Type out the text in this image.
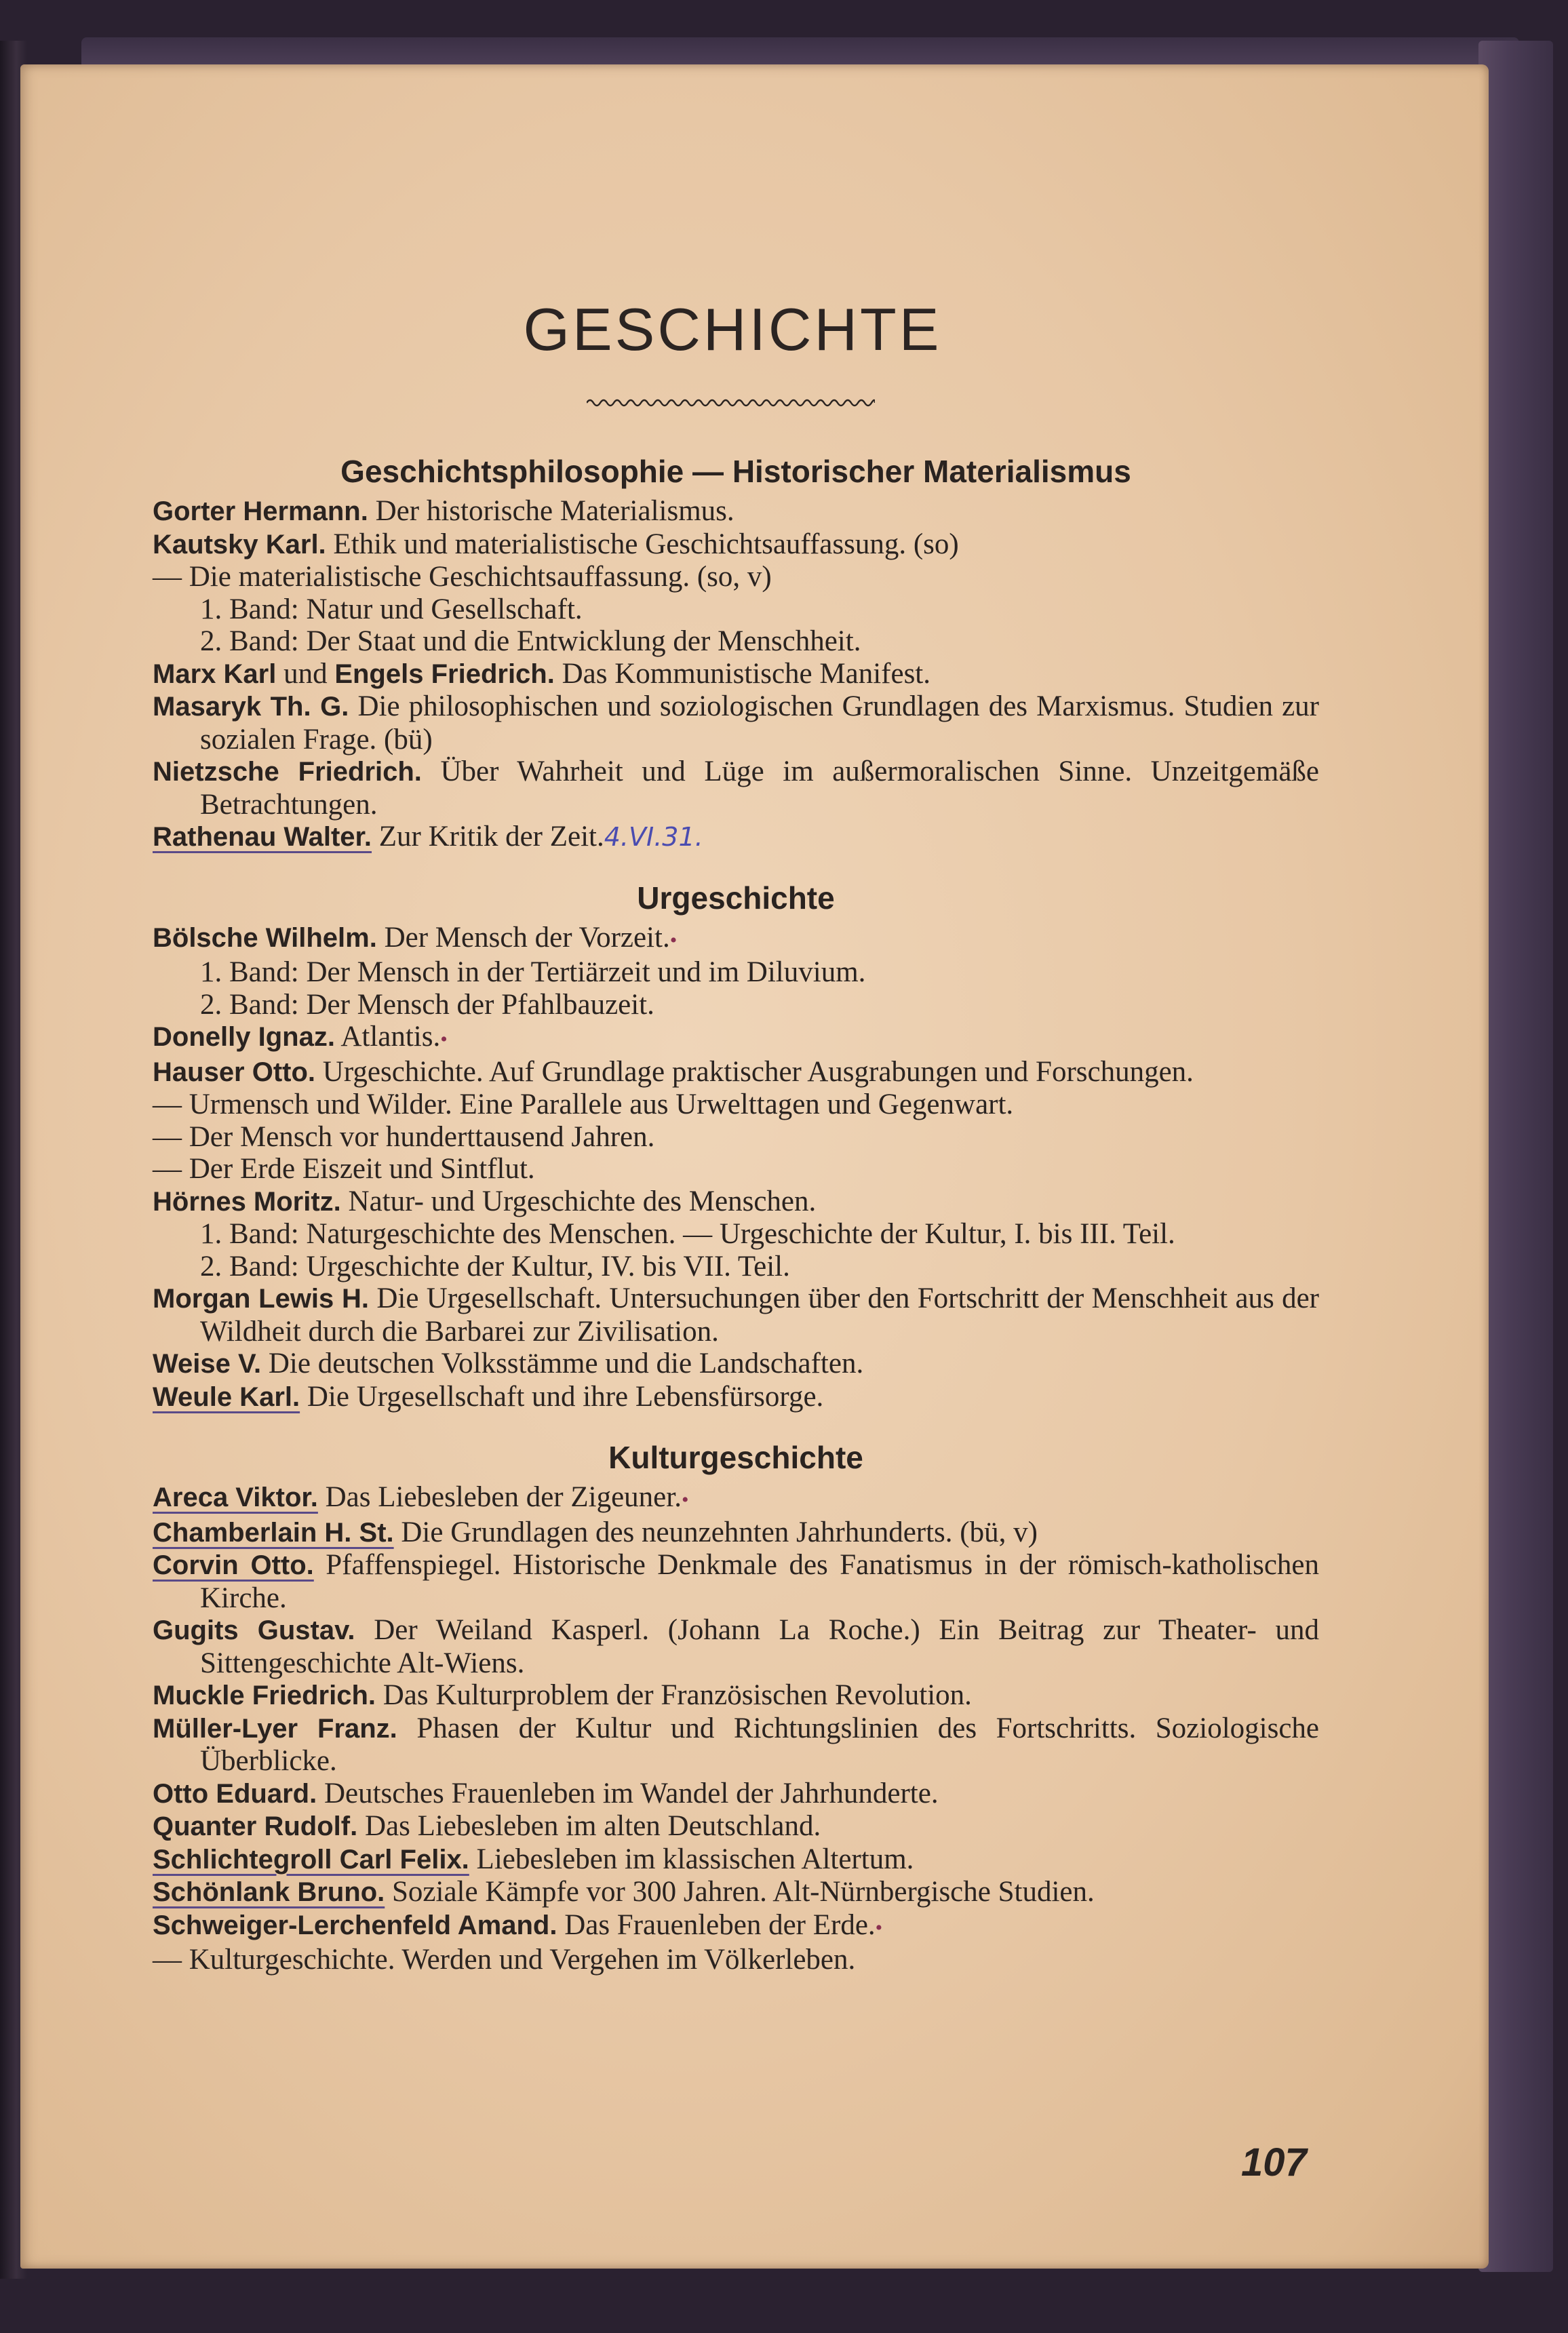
GESCHICHTE
Geschichtsphilosophie — Historischer Materialismus
Gorter Hermann. Der historische Materialismus.
Kautsky Karl. Ethik und materialistische Geschichtsauffassung. (so)
— Die materialistische Geschichtsauffassung. (so, v)
1. Band: Natur und Gesellschaft.
2. Band: Der Staat und die Entwicklung der Menschheit.
Marx Karl und Engels Friedrich. Das Kommunistische Manifest.
Masaryk Th. G. Die philosophischen und soziologischen Grundlagen des Marxismus. Studien zur sozialen Frage. (bü)
Nietzsche Friedrich. Über Wahrheit und Lüge im außermoralischen Sinne. Unzeitgemäße Betrachtungen.
Rathenau Walter. Zur Kritik der Zeit.4.VI.31.
Urgeschichte
Bölsche Wilhelm. Der Mensch der Vorzeit.•
1. Band: Der Mensch in der Tertiärzeit und im Diluvium.
2. Band: Der Mensch der Pfahlbauzeit.
Donelly Ignaz. Atlantis.•
Hauser Otto. Urgeschichte. Auf Grundlage praktischer Ausgrabungen und Forschungen.
— Urmensch und Wilder. Eine Parallele aus Urwelttagen und Gegenwart.
— Der Mensch vor hunderttausend Jahren.
— Der Erde Eiszeit und Sintflut.
Hörnes Moritz. Natur- und Urgeschichte des Menschen.
1. Band: Naturgeschichte des Menschen. — Urgeschichte der Kultur, I. bis III. Teil.
2. Band: Urgeschichte der Kultur, IV. bis VII. Teil.
Morgan Lewis H. Die Urgesellschaft. Untersuchungen über den Fortschritt der Menschheit aus der Wildheit durch die Barbarei zur Zivilisation.
Weise V. Die deutschen Volksstämme und die Landschaften.
Weule Karl. Die Urgesellschaft und ihre Lebensfürsorge.
Kulturgeschichte
Areca Viktor. Das Liebesleben der Zigeuner.•
Chamberlain H. St. Die Grundlagen des neunzehnten Jahrhunderts. (bü, v)
Corvin Otto. Pfaffenspiegel. Historische Denkmale des Fanatismus in der römisch-katholischen Kirche.
Gugits Gustav. Der Weiland Kasperl. (Johann La Roche.) Ein Beitrag zur Theater- und Sittengeschichte Alt-Wiens.
Muckle Friedrich. Das Kulturproblem der Französischen Revolution.
Müller-Lyer Franz. Phasen der Kultur und Richtungslinien des Fortschritts. Soziologische Überblicke.
Otto Eduard. Deutsches Frauenleben im Wandel der Jahrhunderte.
Quanter Rudolf. Das Liebesleben im alten Deutschland.
Schlichtegroll Carl Felix. Liebesleben im klassischen Altertum.
Schönlank Bruno. Soziale Kämpfe vor 300 Jahren. Alt-Nürnbergische Studien.
Schweiger-Lerchenfeld Amand. Das Frauenleben der Erde.•
— Kulturgeschichte. Werden und Vergehen im Völkerleben.
107
